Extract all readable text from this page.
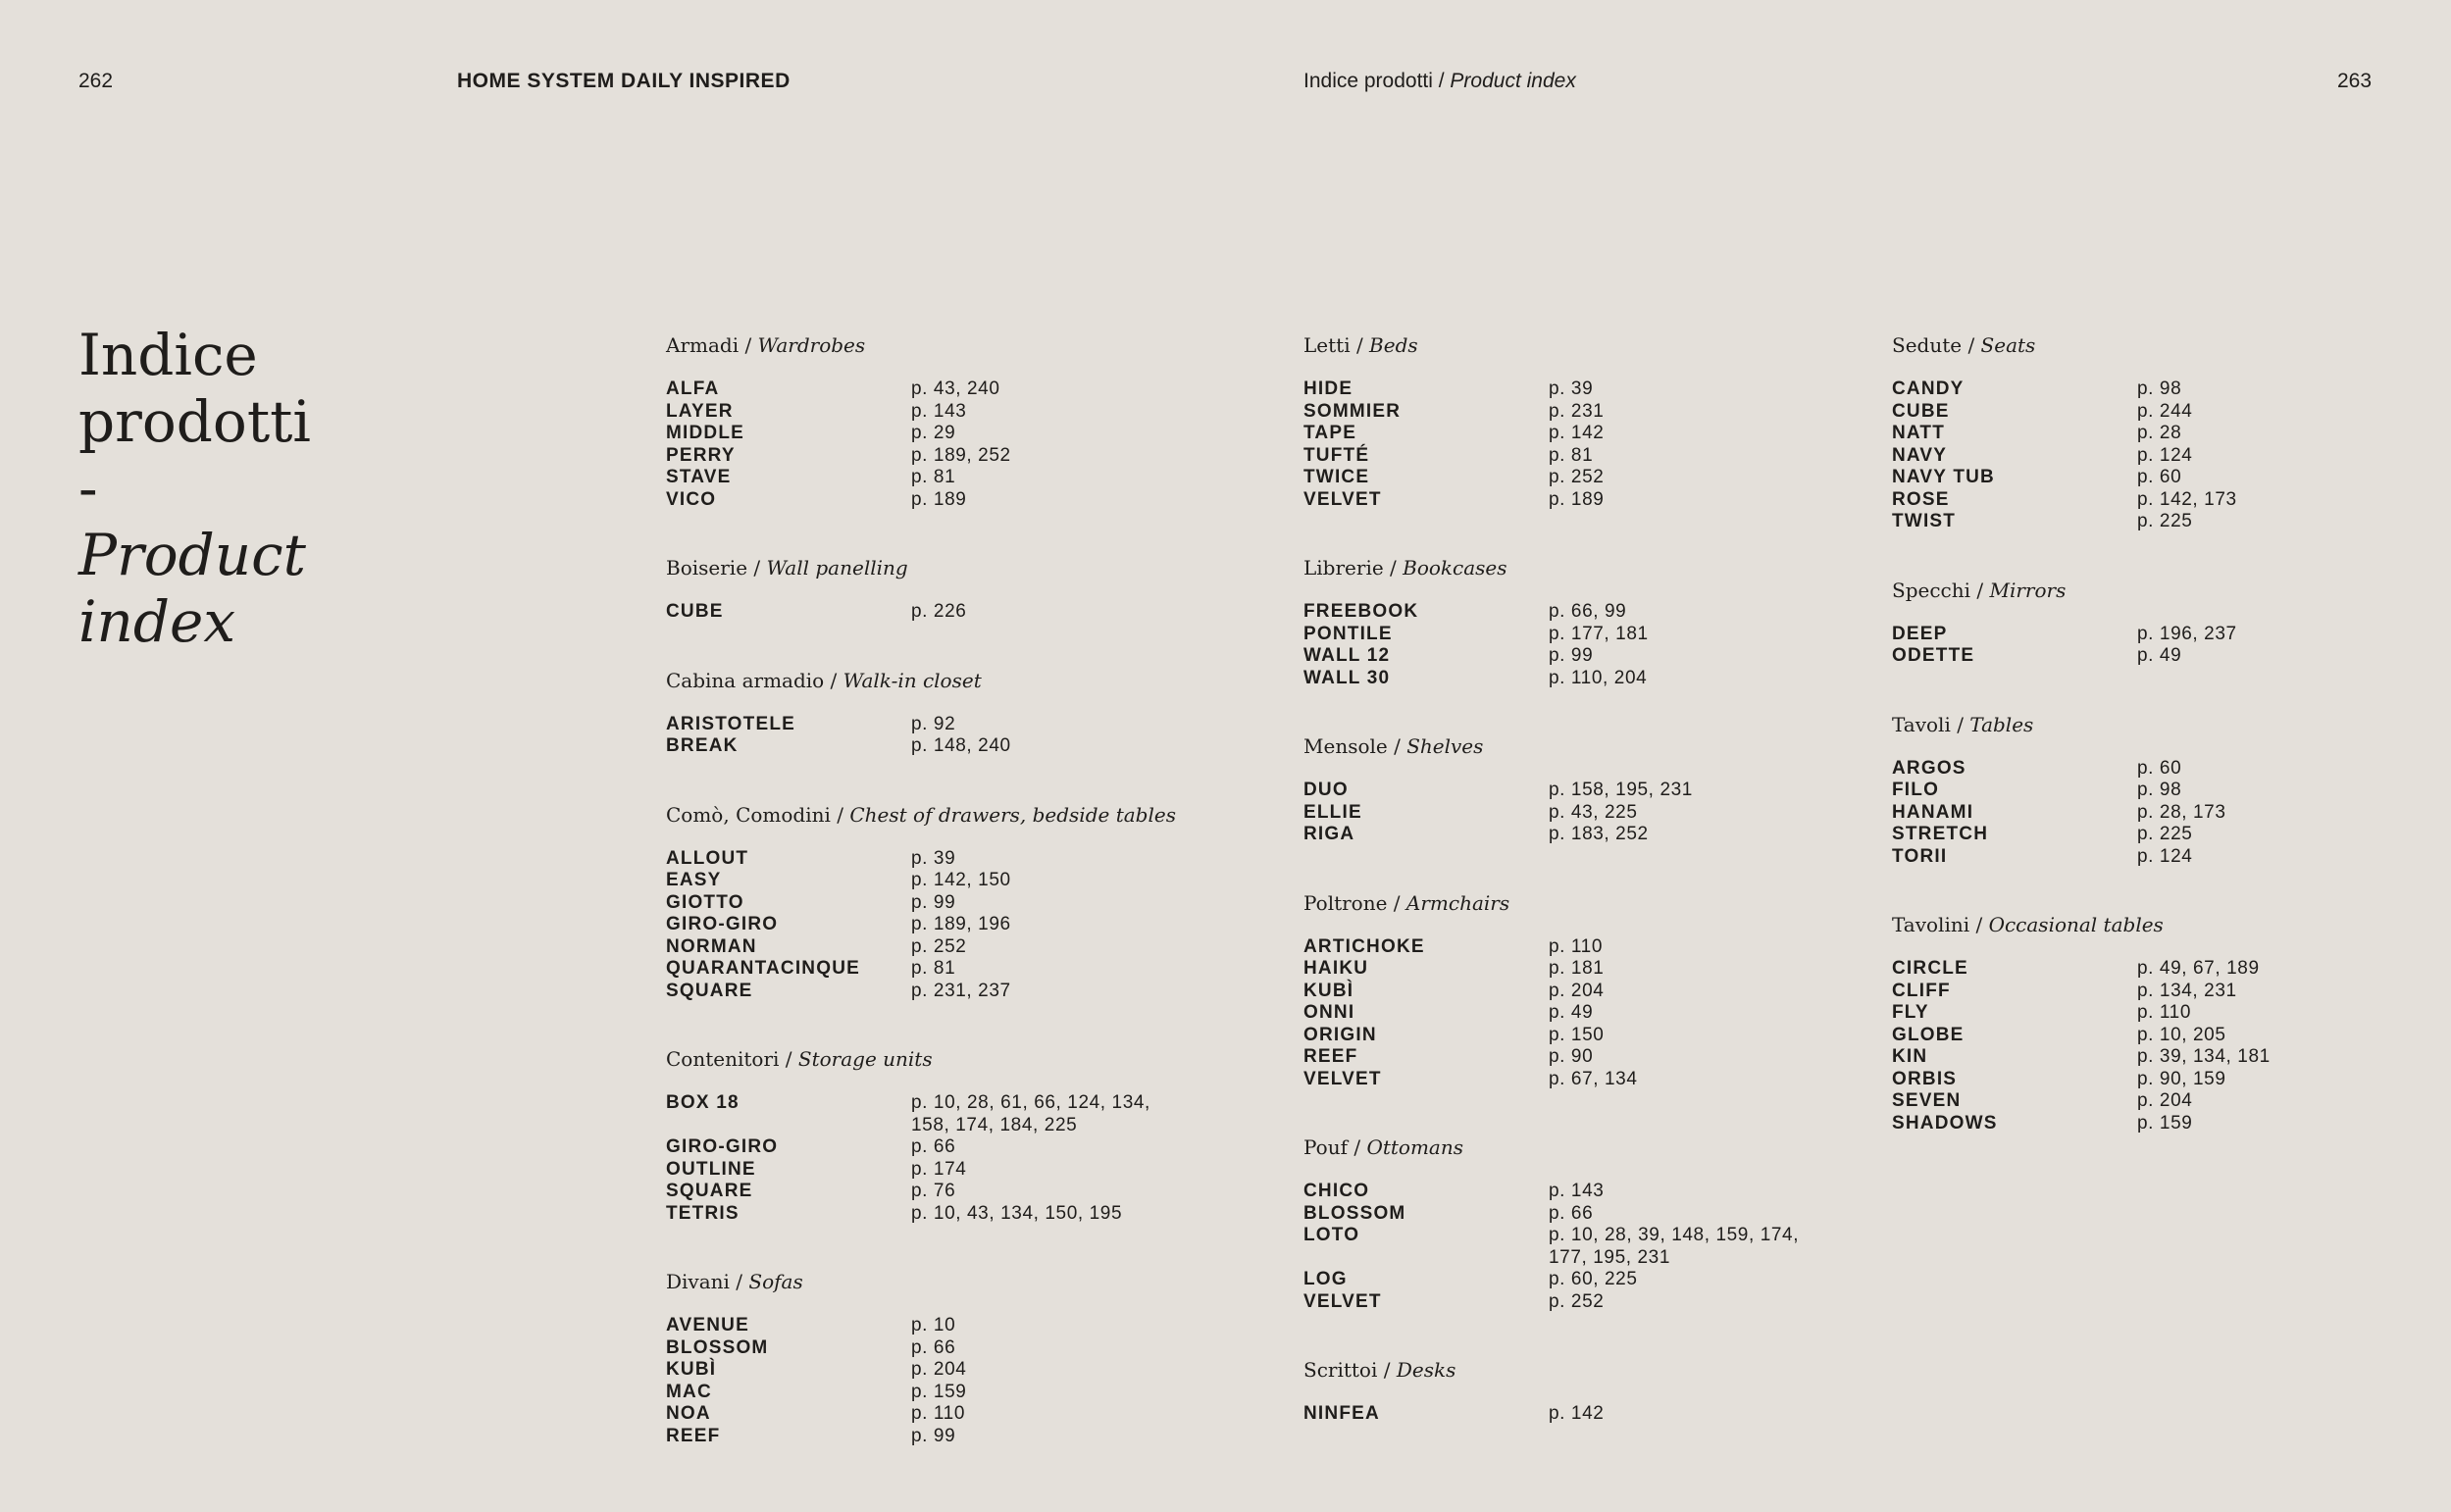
262	HOME SYSTEM DAILY INSPIRED	Indice prodotti / Product index	263
Indice
prodotti
-
Product
index
Armadi / Wardrobes
ALFA	p. 43, 240
LAYER	p. 143
MIDDLE	p. 29
PERRY	p. 189, 252
STAVE	p. 81
VICO	p. 189
Boiserie / Wall panelling
CUBE	p. 226
Cabina armadio / Walk-in closet
ARISTOTELE	p. 92
BREAK	p. 148, 240
Comò, Comodini / Chest of drawers, bedside tables
ALLOUT	p. 39
EASY	p. 142, 150
GIOTTO	p. 99
GIRO-GIRO	p. 189, 196
NORMAN	p. 252
QUARANTACINQUE	p. 81
SQUARE	p. 231, 237
Contenitori / Storage units
BOX 18	p. 10, 28, 61, 66, 124, 134, 158, 174, 184, 225
GIRO-GIRO	p. 66
OUTLINE	p. 174
SQUARE	p. 76
TETRIS	p. 10, 43, 134, 150, 195
Divani / Sofas
AVENUE	p. 10
BLOSSOM	p. 66
KUBÌ	p. 204
MAC	p. 159
NOA	p. 110
REEF	p. 99
Letti / Beds
HIDE	p. 39
SOMMIER	p. 231
TAPE	p. 142
TUFTÉ	p. 81
TWICE	p. 252
VELVET	p. 189
Librerie / Bookcases
FREEBOOK	p. 66, 99
PONTILE	p. 177, 181
WALL 12	p. 99
WALL 30	p. 110, 204
Mensole / Shelves
DUO	p. 158, 195, 231
ELLIE	p. 43, 225
RIGA	p. 183, 252
Poltrone / Armchairs
ARTICHOKE	p. 110
HAIKU	p. 181
KUBÌ	p. 204
ONNI	p. 49
ORIGIN	p. 150
REEF	p. 90
VELVET	p. 67, 134
Pouf / Ottomans
CHICO	p. 143
BLOSSOM	p. 66
LOTO	p. 10, 28, 39, 148, 159, 174, 177, 195, 231
LOG	p. 60, 225
VELVET	p. 252
Scrittoi / Desks
NINFEA	p. 142
Sedute / Seats
CANDY	p. 98
CUBE	p. 244
NATT	p. 28
NAVY	p. 124
NAVY TUB	p. 60
ROSE	p. 142, 173
TWIST	p. 225
Specchi / Mirrors
DEEP	p. 196, 237
ODETTE	p. 49
Tavoli / Tables
ARGOS	p. 60
FILO	p. 98
HANAMI	p. 28, 173
STRETCH	p. 225
TORII	p. 124
Tavolini / Occasional tables
CIRCLE	p. 49, 67, 189
CLIFF	p. 134, 231
FLY	p. 110
GLOBE	p. 10, 205
KIN	p. 39, 134, 181
ORBIS	p. 90, 159
SEVEN	p. 204
SHADOWS	p. 159
